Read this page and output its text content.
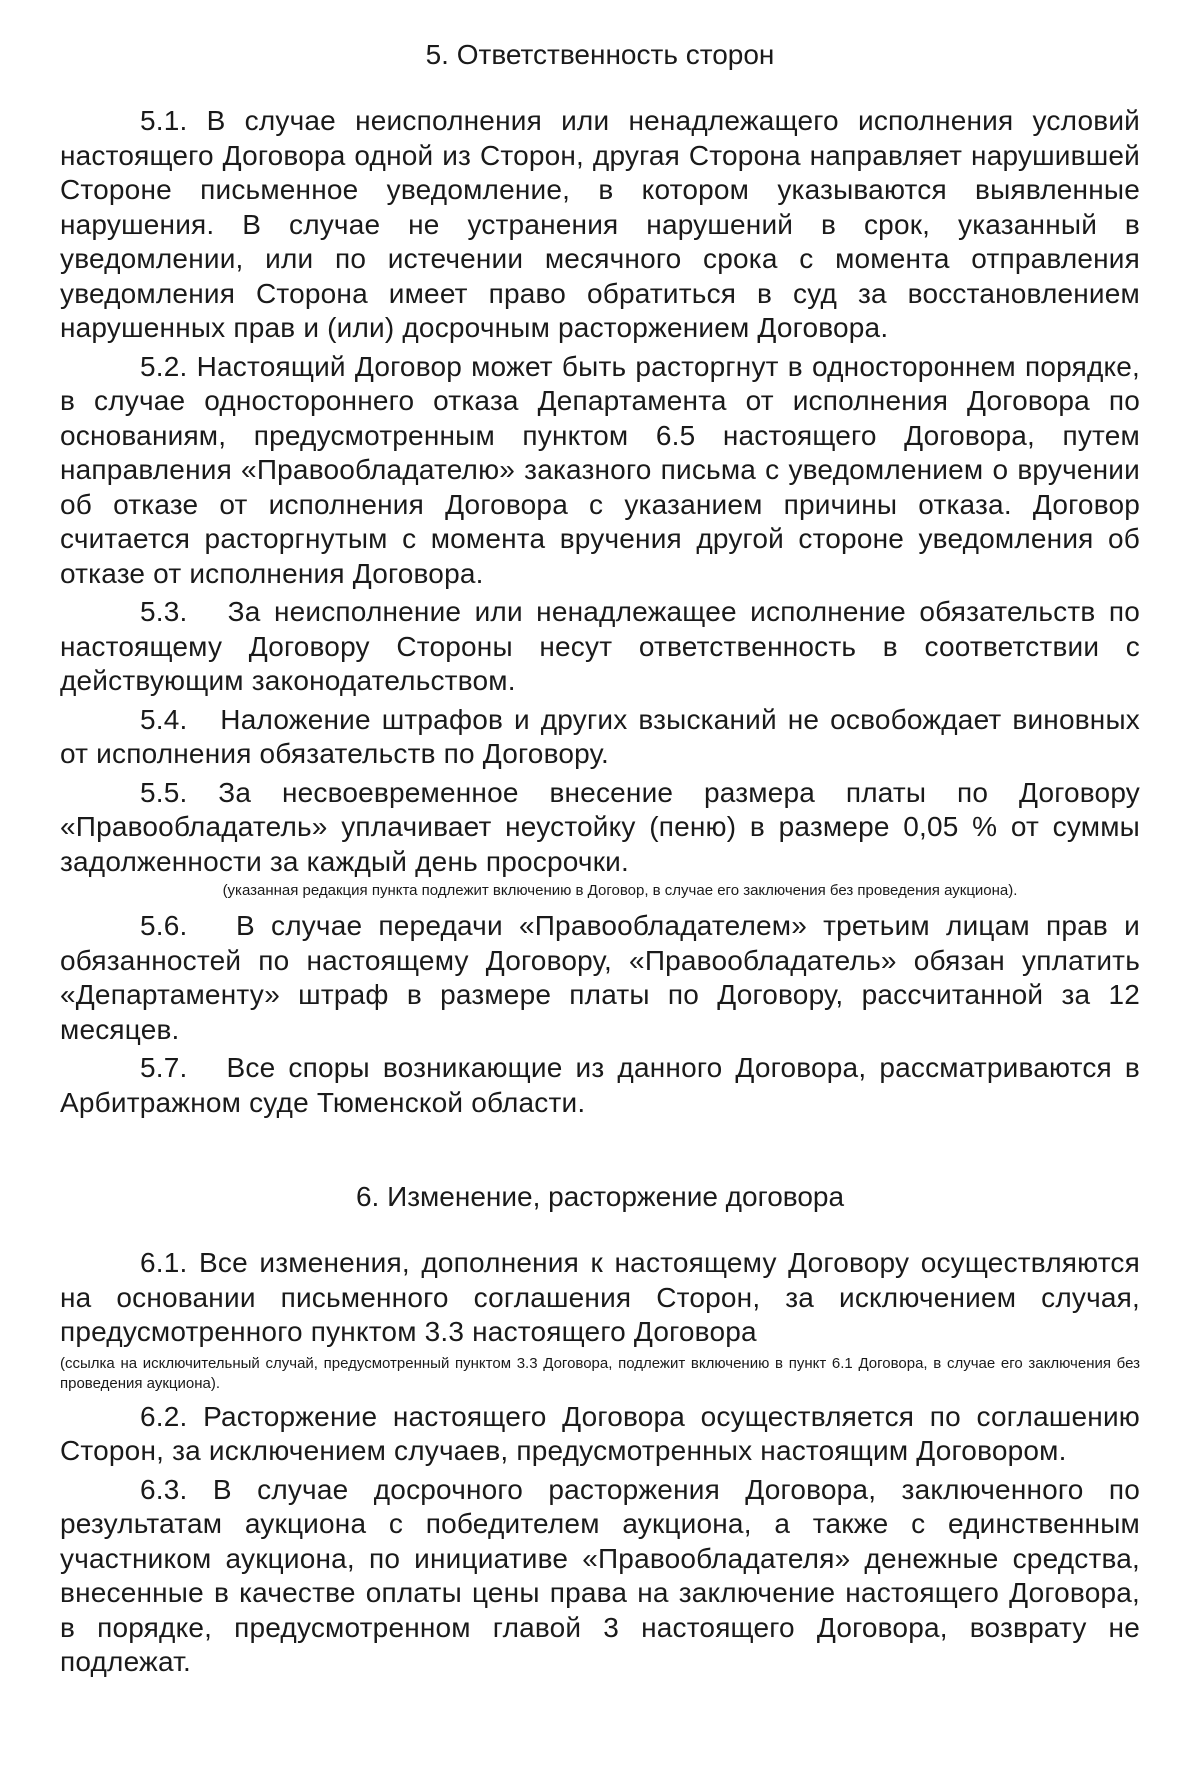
5. Ответственность сторон

5.1. В случае неисполнения или ненадлежащего исполнения условий настоящего Договора одной из Сторон, другая Сторона направляет нарушившей Стороне письменное уведомление, в котором указываются выявленные нарушения. В случае не устранения нарушений в срок, указанный в уведомлении, или по истечении месячного срока с момента отправления уведомления Сторона имеет право обратиться в суд за восстановлением нарушенных прав и (или) досрочным расторжением Договора.

5.2. Настоящий Договор может быть расторгнут в одностороннем порядке, в случае одностороннего отказа Департамента от исполнения Договора по основаниям, предусмотренным пунктом 6.5 настоящего Договора, путем направления «Правообладателю» заказного письма с уведомлением о вручении об отказе от исполнения Договора с указанием причины отказа. Договор считается расторгнутым с момента вручения другой стороне уведомления об отказе от исполнения Договора.

5.3.   За неисполнение или ненадлежащее исполнение обязательств по настоящему Договору Стороны несут ответственность в соответствии с действующим законодательством.

5.4.   Наложение штрафов и других взысканий не освобождает виновных от исполнения обязательств по Договору.

5.5. За несвоевременное внесение размера платы по Договору «Правообладатель» уплачивает неустойку (пеню) в размере 0,05 % от суммы задолженности за каждый день просрочки.

(указанная редакция пункта подлежит включению в Договор, в случае его заключения без проведения аукциона).

5.6.   В случае передачи «Правообладателем» третьим лицам прав и обязанностей по настоящему Договору, «Правообладатель» обязан уплатить «Департаменту» штраф в размере платы по Договору, рассчитанной за 12 месяцев.

5.7.   Все споры возникающие из данного Договора, рассматриваются в Арбитражном суде Тюменской области.

6. Изменение, расторжение договора

6.1. Все изменения, дополнения к настоящему Договору осуществляются на основании письменного соглашения Сторон, за исключением случая, предусмотренного пунктом 3.3 настоящего Договора

(ссылка на исключительный случай, предусмотренный пунктом 3.3 Договора, подлежит включению в пункт 6.1 Договора, в случае его заключения без проведения аукциона).

6.2. Расторжение настоящего Договора осуществляется по соглашению Сторон, за исключением случаев, предусмотренных настоящим Договором.

6.3. В случае досрочного расторжения Договора, заключенного по результатам аукциона с победителем аукциона, а также с единственным участником аукциона, по инициативе «Правообладателя» денежные средства, внесенные в качестве оплаты цены права на заключение настоящего Договора, в порядке, предусмотренном главой 3 настоящего Договора, возврату не подлежат.
